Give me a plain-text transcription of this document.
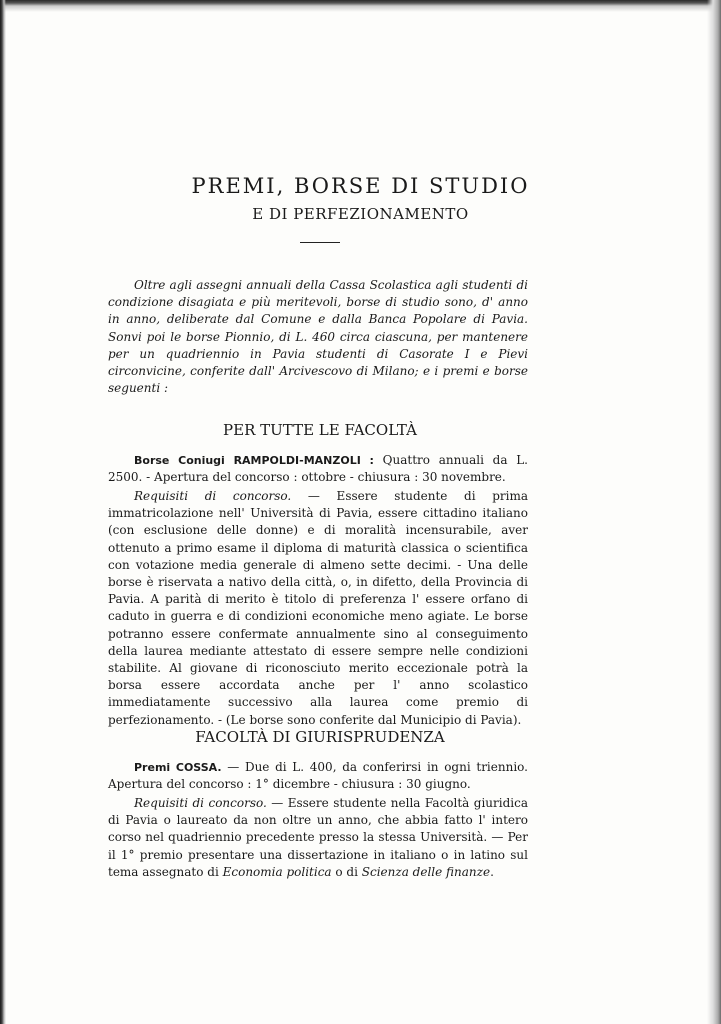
PREMI, BORSE DI STUDIO
E DI PERFEZIONAMENTO

Oltre agli assegni annuali della Cassa Scolastica agli studenti di condizione disagiata e più meritevoli, borse di studio sono, d' anno in anno, deliberate dal Comune e dalla Banca Popolare di Pavia. Sonvi poi le borse Pionnio, di L. 460 circa ciascuna, per mantenere per un quadriennio in Pavia studenti di Casorate I e Pievi circonvicine, conferite dall' Arcivescovo di Milano; e i premi e borse seguenti :

PER TUTTE LE FACOLTÀ

Borse Coniugi RAMPOLDI-MANZOLI : Quattro annuali da L. 2500. - Apertura del concorso : ottobre - chiusura : 30 novembre.

Requisiti di concorso. — Essere studente di prima immatricolazione nell' Università di Pavia, essere cittadino italiano (con esclusione delle donne) e di moralità incensurabile, aver ottenuto a primo esame il diploma di maturità classica o scientifica con votazione media generale di almeno sette decimi. - Una delle borse è riservata a nativo della città, o, in difetto, della Provincia di Pavia. A parità di merito è titolo di preferenza l' essere orfano di caduto in guerra e di condizioni economiche meno agiate. Le borse potranno essere confermate annualmente sino al conseguimento della laurea mediante attestato di essere sempre nelle condizioni stabilite. Al giovane di riconosciuto merito eccezionale potrà la borsa essere accordata anche per l' anno scolastico immediatamente successivo alla laurea come premio di perfezionamento. - (Le borse sono conferite dal Municipio di Pavia).

FACOLTÀ DI GIURISPRUDENZA

Premi COSSA. — Due di L. 400, da conferirsi in ogni triennio. Apertura del concorso : 1° dicembre - chiusura : 30 giugno.

Requisiti di concorso. — Essere studente nella Facoltà giuridica di Pavia o laureato da non oltre un anno, che abbia fatto l' intero corso nel quadriennio precedente presso la stessa Università. — Per il 1° premio presentare una dissertazione in italiano o in latino sul tema assegnato di Economia politica o di Scienza delle finanze.
